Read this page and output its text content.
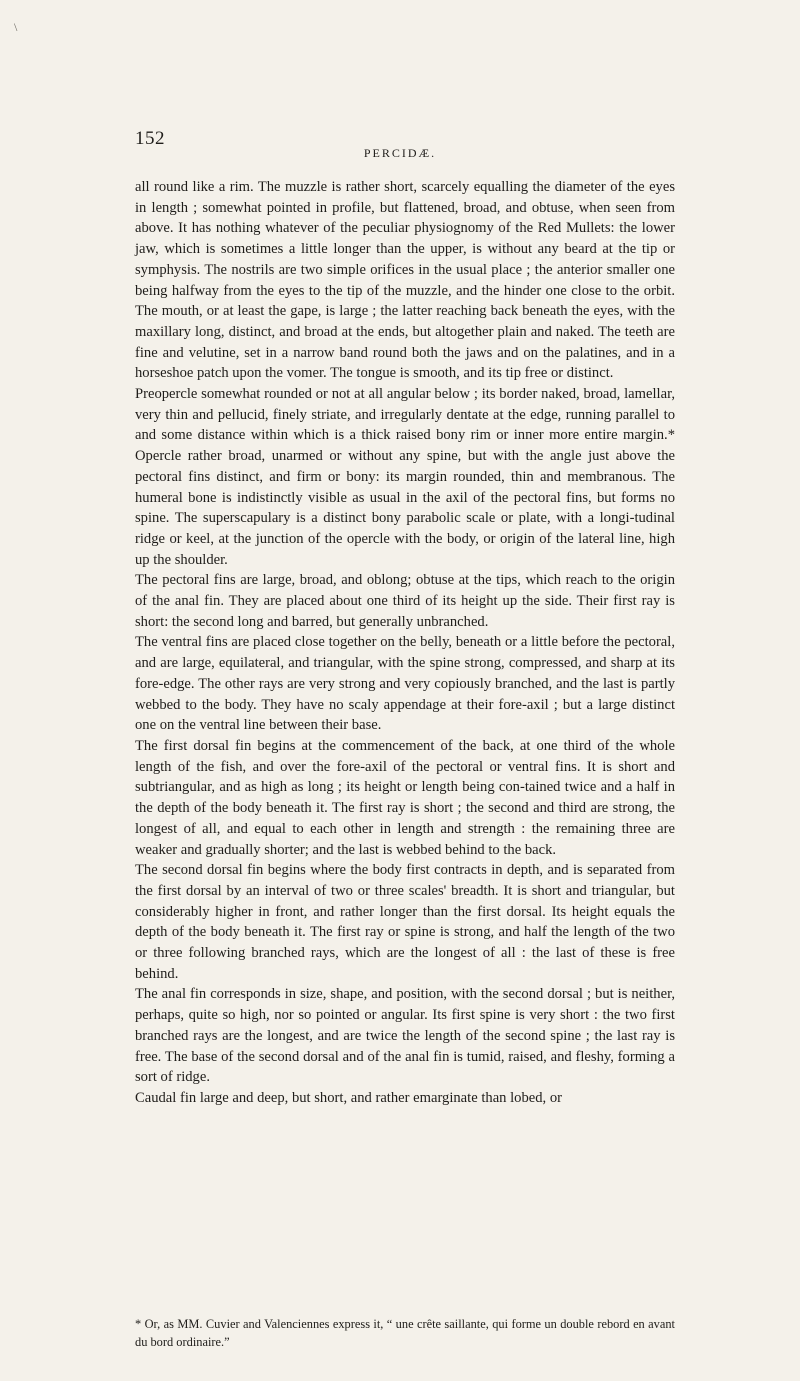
\
152
PERCIDÆ.

all round like a rim. The muzzle is rather short, scarcely equalling the diameter of the eyes in length ; somewhat pointed in profile, but flattened, broad, and obtuse, when seen from above. It has nothing whatever of the peculiar physiognomy of the Red Mullets: the lower jaw, which is sometimes a little longer than the upper, is without any beard at the tip or symphysis. The nostrils are two simple orifices in the usual place ; the anterior smaller one being halfway from the eyes to the tip of the muzzle, and the hinder one close to the orbit. The mouth, or at least the gape, is large ; the latter reaching back beneath the eyes, with the maxillary long, distinct, and broad at the ends, but altogether plain and naked. The teeth are fine and velutine, set in a narrow band round both the jaws and on the palatines, and in a horseshoe patch upon the vomer. The tongue is smooth, and its tip free or distinct.

Preopercle somewhat rounded or not at all angular below ; its border naked, broad, lamellar, very thin and pellucid, finely striate, and irregularly dentate at the edge, running parallel to and some distance within which is a thick raised bony rim or inner more entire margin.* Opercle rather broad, unarmed or without any spine, but with the angle just above the pectoral fins distinct, and firm or bony: its margin rounded, thin and membranous. The humeral bone is indistinctly visible as usual in the axil of the pectoral fins, but forms no spine. The superscapulary is a distinct bony parabolic scale or plate, with a longi-tudinal ridge or keel, at the junction of the opercle with the body, or origin of the lateral line, high up the shoulder.

The pectoral fins are large, broad, and oblong; obtuse at the tips, which reach to the origin of the anal fin. They are placed about one third of its height up the side. Their first ray is short: the second long and barred, but generally unbranched.

The ventral fins are placed close together on the belly, beneath or a little before the pectoral, and are large, equilateral, and triangular, with the spine strong, compressed, and sharp at its fore-edge. The other rays are very strong and very copiously branched, and the last is partly webbed to the body. They have no scaly appendage at their fore-axil ; but a large distinct one on the ventral line between their base.

The first dorsal fin begins at the commencement of the back, at one third of the whole length of the fish, and over the fore-axil of the pectoral or ventral fins. It is short and subtriangular, and as high as long ; its height or length being con-tained twice and a half in the depth of the body beneath it. The first ray is short ; the second and third are strong, the longest of all, and equal to each other in length and strength : the remaining three are weaker and gradually shorter; and the last is webbed behind to the back.

The second dorsal fin begins where the body first contracts in depth, and is separated from the first dorsal by an interval of two or three scales' breadth. It is short and triangular, but considerably higher in front, and rather longer than the first dorsal. Its height equals the depth of the body beneath it. The first ray or spine is strong, and half the length of the two or three following branched rays, which are the longest of all : the last of these is free behind.

The anal fin corresponds in size, shape, and position, with the second dorsal ; but is neither, perhaps, quite so high, nor so pointed or angular. Its first spine is very short : the two first branched rays are the longest, and are twice the length of the second spine ; the last ray is free. The base of the second dorsal and of the anal fin is tumid, raised, and fleshy, forming a sort of ridge.

Caudal fin large and deep, but short, and rather emarginate than lobed, or

* Or, as MM. Cuvier and Valenciennes express it, “ une crête saillante, qui forme un double rebord en avant du bord ordinaire.”
